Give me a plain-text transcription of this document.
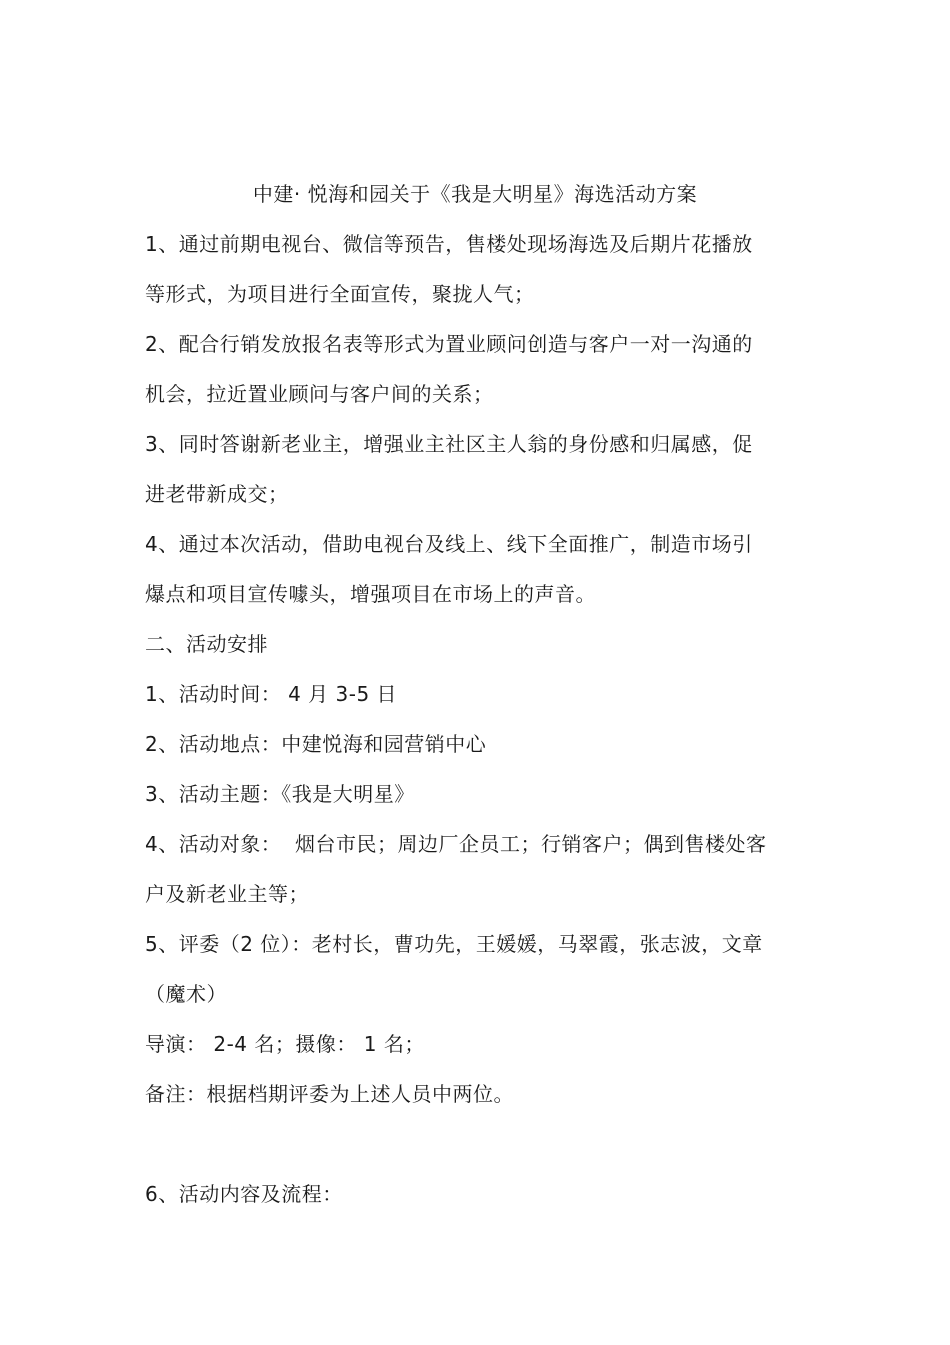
中建· 悦海和园关于《我是大明星》海选活动方案
1、通过前期电视台、微信等预告，售楼处现场海选及后期片花播放
等形式，为项目进行全面宣传，聚拢人气；
2、配合行销发放报名表等形式为置业顾问创造与客户一对一沟通的
机会，拉近置业顾问与客户间的关系；
3、同时答谢新老业主，增强业主社区主人翁的身份感和归属感，促
进老带新成交；
4、通过本次活动，借助电视台及线上、线下全面推广，制造市场引
爆点和项目宣传噱头，增强项目在市场上的声音。
二、活动安排
1、活动时间： 4 月 3-5 日
2、活动地点：中建悦海和园营销中心
3、活动主题：《我是大明星》
4、活动对象：  烟台市民；周边厂企员工；行销客户；偶到售楼处客
户及新老业主等；
5、评委（2 位）：老村长，曹功先，王媛媛，马翠霞，张志波，文章
（魔术）
导演： 2-4 名；摄像： 1 名；
备注：根据档期评委为上述人员中两位。
6、活动内容及流程：
